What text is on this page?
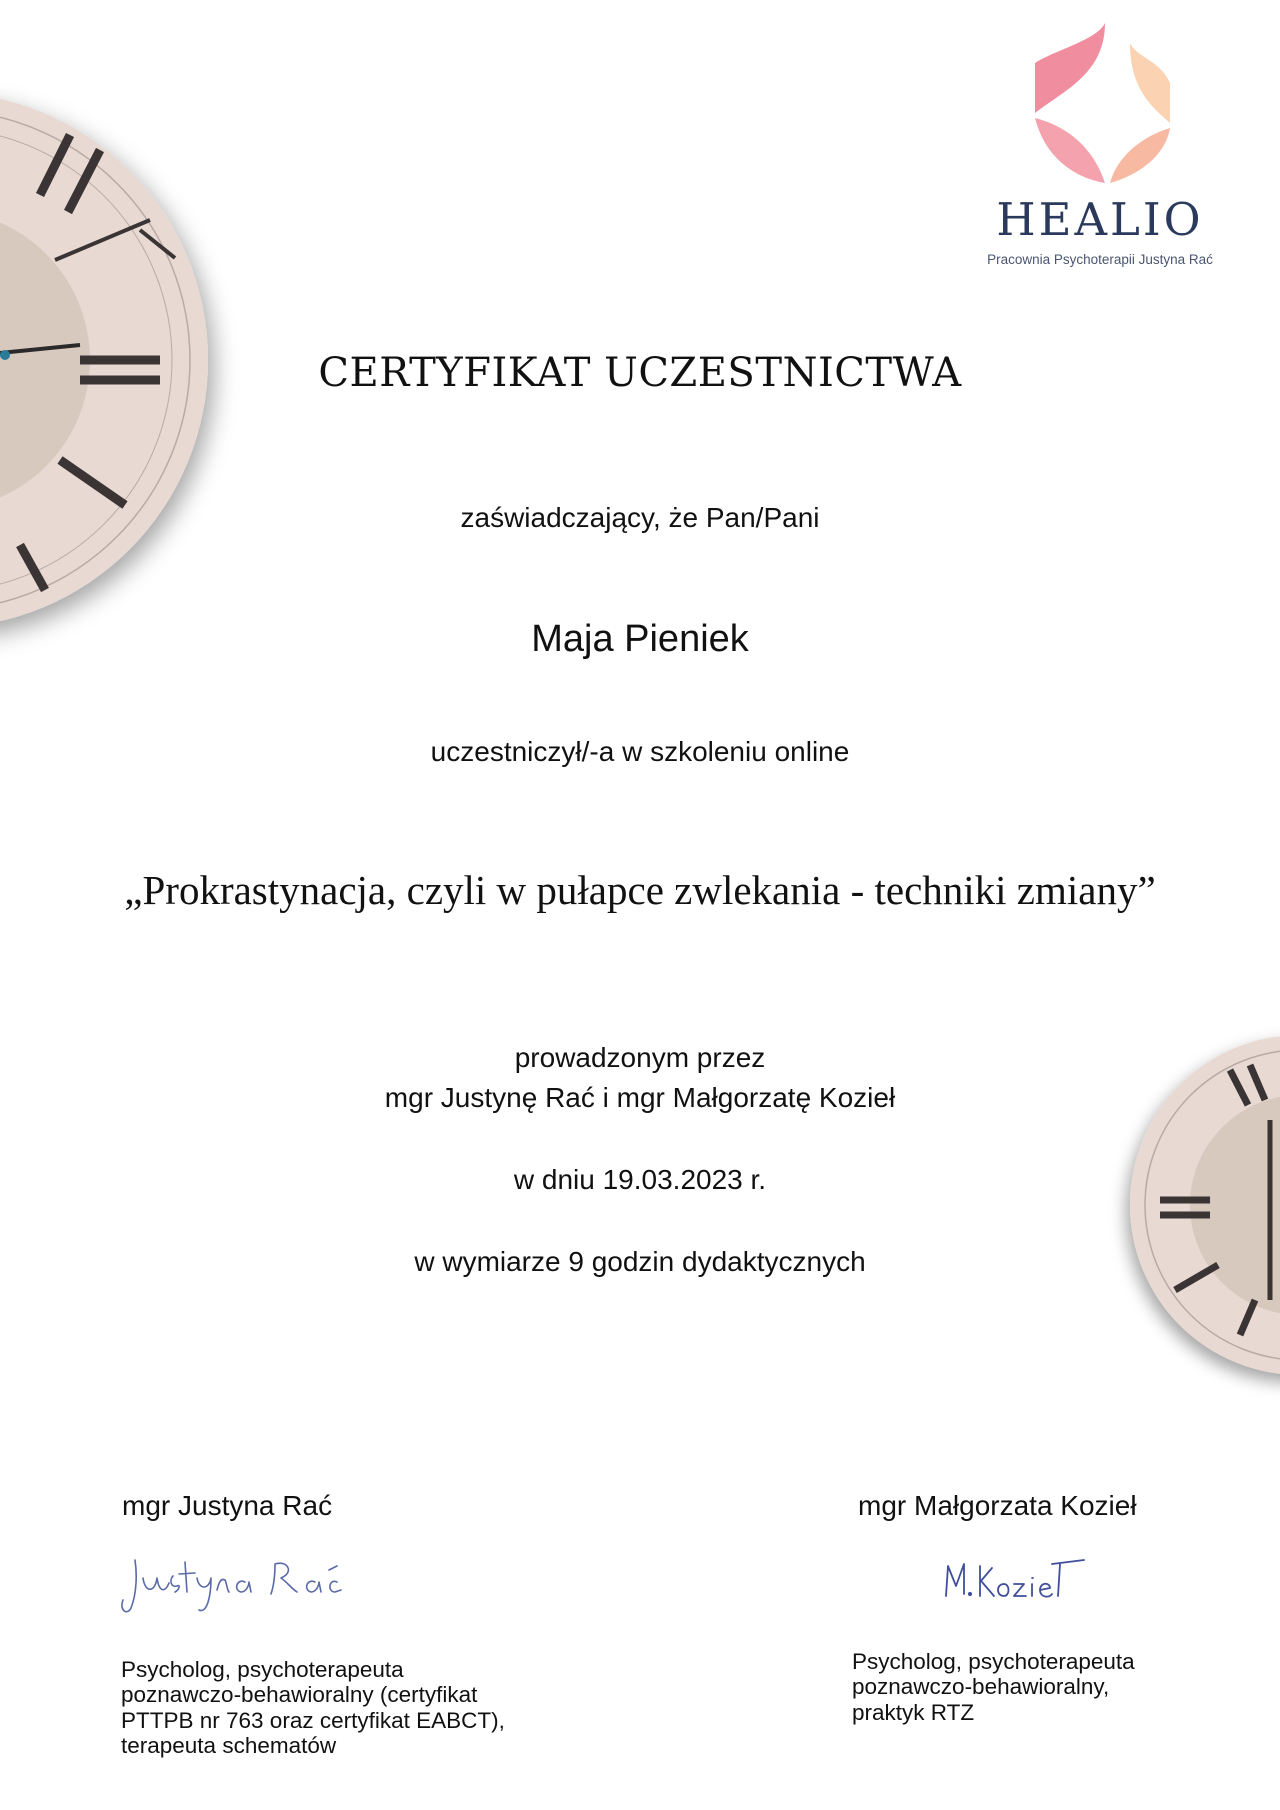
HEALIO
Pracownia Psychoterapii Justyna Rać
CERTYFIKAT UCZESTNICTWA
zaświadczający, że Pan/Pani
Maja Pieniek
uczestniczył/-a w szkoleniu online
„Prokrastynacja, czyli w pułapce zwlekania - techniki zmiany”
prowadzonym przez
mgr Justynę Rać i mgr Małgorzatę Kozieł
w dniu 19.03.2023 r.
w wymiarze 9 godzin dydaktycznych
mgr Justyna Rać	mgr Małgorzata Kozieł
Psycholog, psychoterapeuta
poznawczo-behawioralny (certyfikat
PTTPB nr 763 oraz certyfikat EABCT),
terapeuta schematów
Psycholog, psychoterapeuta
poznawczo-behawioralny,
praktyk RTZ
